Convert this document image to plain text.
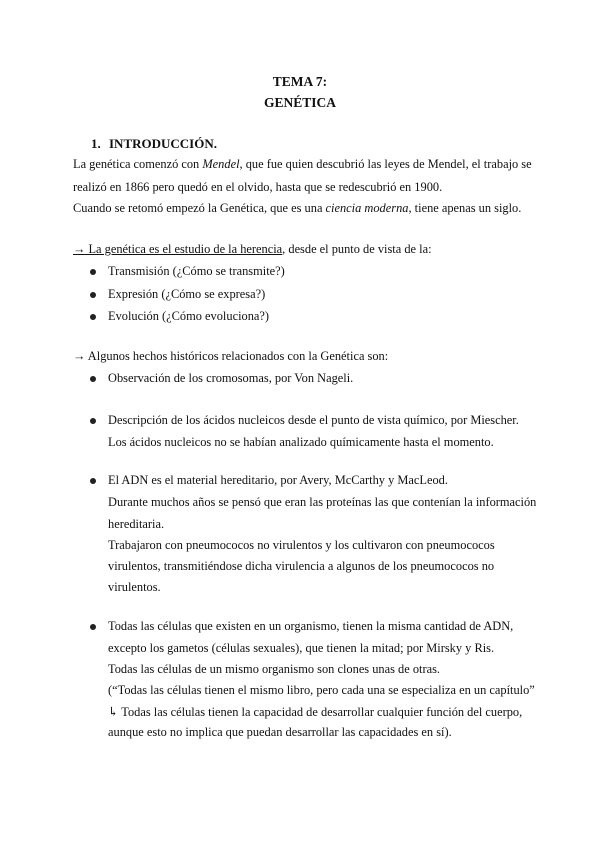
TEMA 7:
GENÉTICA
1. INTRODUCCIÓN.
La genética comenzó con Mendel, que fue quien descubrió las leyes de Mendel, el trabajo se
realizó en 1866 pero quedó en el olvido, hasta que se redescubrió en 1900.
Cuando se retomó empezó la Genética, que es una ciencia moderna, tiene apenas un siglo.
→ La genética es el estudio de la herencia, desde el punto de vista de la:
Transmisión (¿Cómo se transmite?)
Expresión (¿Cómo se expresa?)
Evolución (¿Cómo evoluciona?)
→ Algunos hechos históricos relacionados con la Genética son:
Observación de los cromosomas, por Von Nageli.
Descripción de los ácidos nucleicos desde el punto de vista químico, por Miescher.
Los ácidos nucleicos no se habían analizado químicamente hasta el momento.
El ADN es el material hereditario, por Avery, McCarthy y MacLeod.
Durante muchos años se pensó que eran las proteínas las que contenían la información
hereditaria.
Trabajaron con pneumococos no virulentos y los cultivaron con pneumococos
virulentos, transmitiéndose dicha virulencia a algunos de los pneumococos no
virulentos.
Todas las células que existen en un organismo, tienen la misma cantidad de ADN,
excepto los gametos (células sexuales), que tienen la mitad; por Mirsky y Ris.
Todas las células de un mismo organismo son clones unas de otras.
(“Todas las células tienen el mismo libro, pero cada una se especializa en un capítulo”
↳ Todas las células tienen la capacidad de desarrollar cualquier función del cuerpo,
aunque esto no implica que puedan desarrollar las capacidades en sí).
